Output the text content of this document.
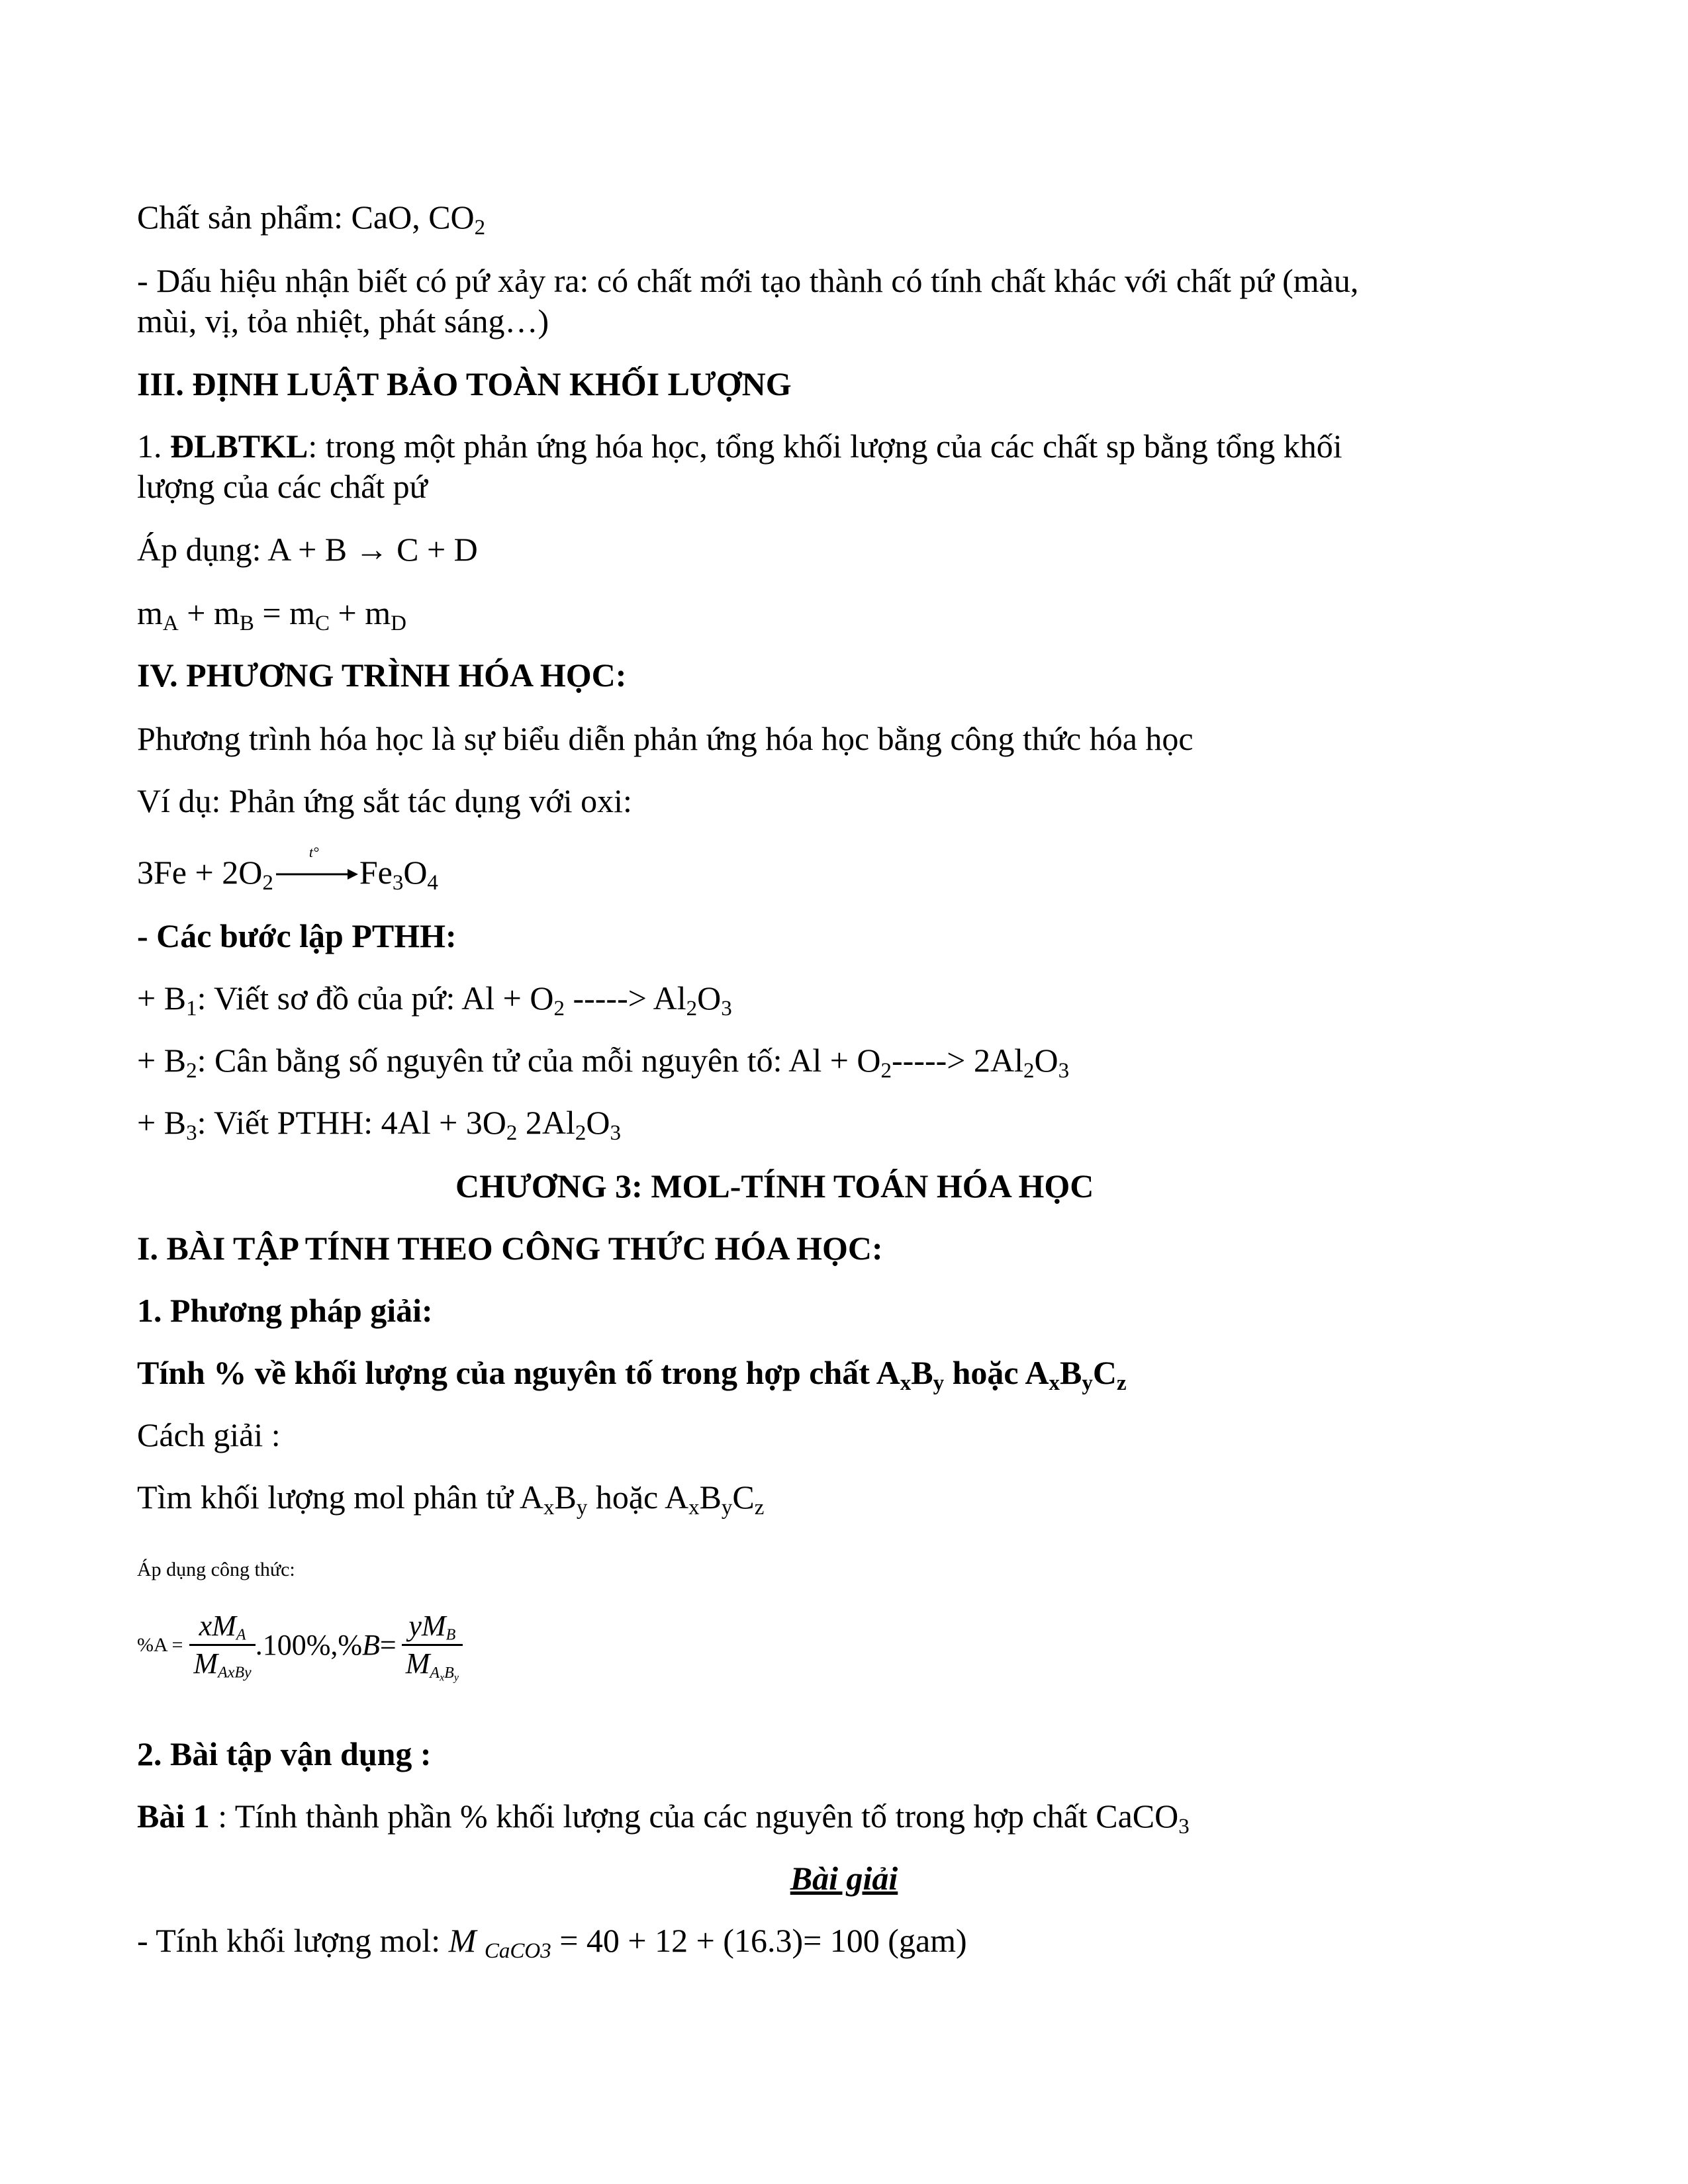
Chất sản phẩm: CaO, $CO_2$
- Dấu hiệu nhận biết có pứ xảy ra: có chất mới tạo thành có tính chất khác với chất pứ (màu,
mùi, vị, tỏa nhiệt, phát sáng…)
III. ĐỊNH LUẬT BẢO TOÀN KHỐI LƯỢNG
1. ĐLBTKL: trong một phản ứng hóa học, tổng khối lượng của các chất sp bằng tổng khối
lượng của các chất pứ
Áp dụng: A + B → C + D
$m_A + m_B = m_C + m_D$
IV. PHƯƠNG TRÌNH HÓA HỌC:
Phương trình hóa học là sự biểu diễn phản ứng hóa học bằng công thức hóa học
Ví dụ: Phản ứng sắt tác dụng với oxi:
$3Fe + 2O_2$
t°
$Fe_3O_4$
- Các bước lập PTHH:
+ $B_1$: Viết sơ đồ của pứ: $Al + O_2$ -----> $Al_2O_3$
+ $B_2$: Cân bằng số nguyên tử của mỗi nguyên tố: $Al + O_2-----> 2Al_2O_3$
+ $B_3$: Viết PTHH: $4Al + 3O_2$ $2Al_2O_3$
CHƯƠNG 3: MOL-TÍNH TOÁN HÓA HỌC
I. BÀI TẬP TÍNH THEO CÔNG THỨC HÓA HỌC:
1. Phương pháp giải:
Tính % về khối lượng của nguyên tố trong hợp chất $A_xB_y$ hoặc $A_xB_yC_z$
Cách giải :
Tìm khối lượng mol phân tử $A_xB_y$ hoặc $A_xB_yC_z$
Áp dụng công thức:
$\%A = \frac{xM_A}{M_{AxBy}} .100\%,\%$ $B = \frac{yM_B}{M_{A_xB_y}}$
2. Bài tập vận dụng :
Bài 1 : Tính thành phần % khối lượng của các nguyên tố trong hợp chất CaCO$_3$
Bài giải
- Tính khối lượng mol: M $_{CaCO3}$ = 40 + 12 + (16.3)= 100 (gam)
